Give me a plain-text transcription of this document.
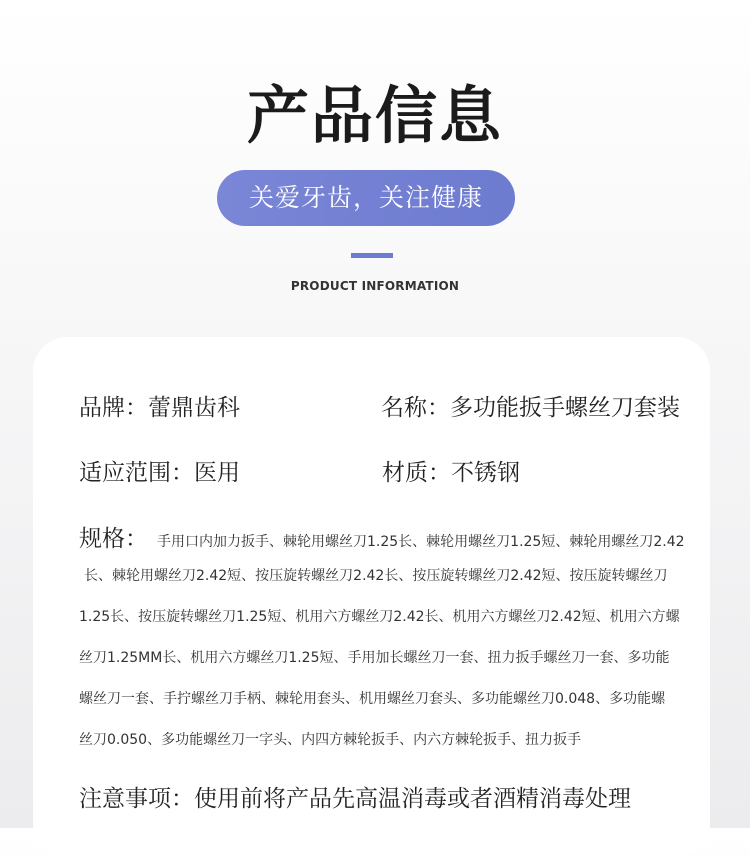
产品信息
关爱牙齿，关注健康
PRODUCT INFORMATION
品牌：蕾鼎齿科	名称：多功能扳手螺丝刀套装
适应范围：医用	材质：不锈钢
规格： 手用口内加力扳手、棘轮用螺丝刀1.25长、棘轮用螺丝刀1.25短、棘轮用螺丝刀2.42
长、棘轮用螺丝刀2.42短、按压旋转螺丝刀2.42长、按压旋转螺丝刀2.42短、按压旋转螺丝刀
1.25长、按压旋转螺丝刀1.25短、机用六方螺丝刀2.42长、机用六方螺丝刀2.42短、机用六方螺
丝刀1.25MM长、机用六方螺丝刀1.25短、手用加长螺丝刀一套、扭力扳手螺丝刀一套、多功能
螺丝刀一套、手拧螺丝刀手柄、棘轮用套头、机用螺丝刀套头、多功能螺丝刀0.048、多功能螺
丝刀0.050、多功能螺丝刀一字头、内四方棘轮扳手、内六方棘轮扳手、扭力扳手
注意事项：使用前将产品先高温消毒或者酒精消毒处理
